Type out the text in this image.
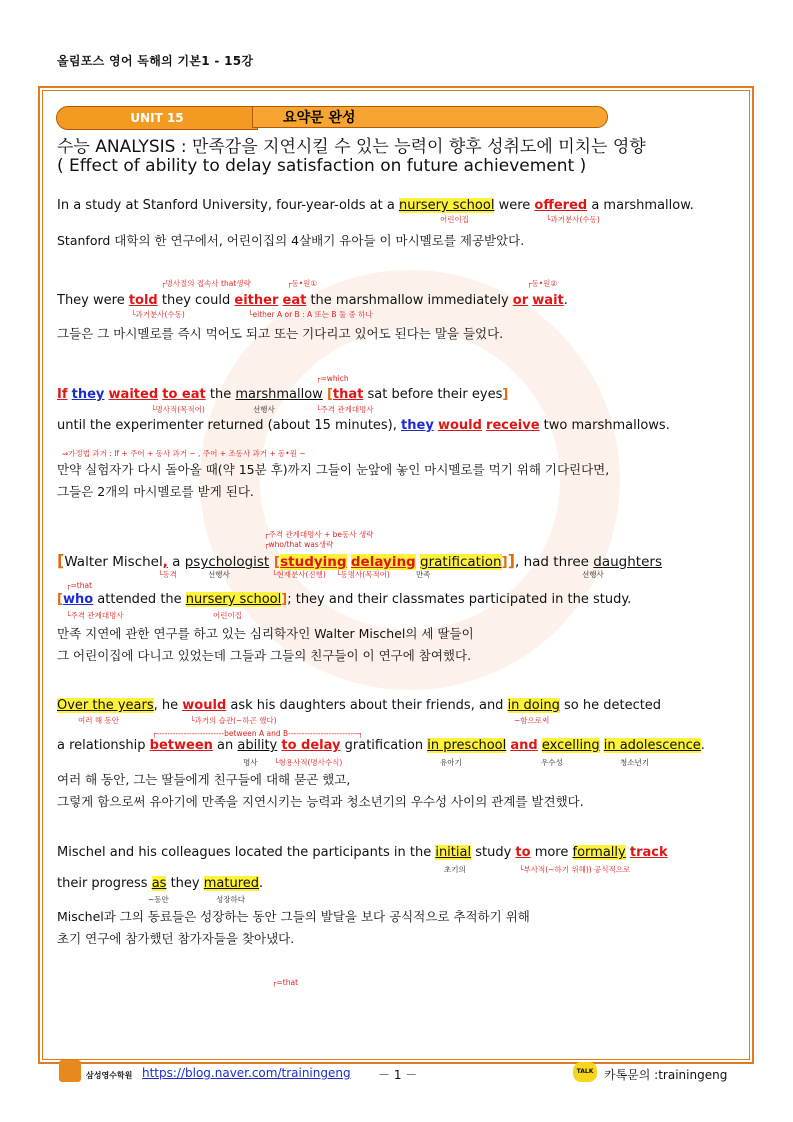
올림포스 영어 독해의 기본1 - 15강
UNIT 15	요약문 완성
수능 ANALYSIS : 만족감을 지연시킬 수 있는 능력이 향후 성취도에 미치는 영향
( Effect of ability to delay satisfaction on future achievement )
In a study at Stanford University, four-year-olds at a nursery school were offered a marshmallow.
어린이집	└과거분사(수동)
Stanford 대학의 한 연구에서, 어린이집의 4살배기 유아들 이 마시멜로를 제공받았다.
┌명사절의 접속사 that생략	┌동•원①	┌동•원②
They were told they could either eat the marshmallow immediately or wait.
└과거분사(수동)	└either A or B : A 또는 B 둘 중 하나
그들은 그 마시멜로를 즉시 먹어도 되고 또는 기다리고 있어도 된다는 말을 들었다.
┌=which
If they waited to eat the marshmallow [that sat before their eyes]
└명사적(목적어)	선행사	└주격 관계대명사
until the experimenter returned (about 15 minutes), they would receive two marshmallows.
⇒가정법 과거 : If + 주어 + 동사 과거 ~ , 주어 + 조동사 과거 + 동•원 ~
만약 실험자가 다시 돌아올 때(약 15분 후)까지 그들이 눈앞에 놓인 마시멜로를 먹기 위해 기다린다면,
그들은 2개의 마시멜로를 받게 된다.
┌주격 관계대명사 + be동사 생략
┌who/that was생략
[Walter Mischel, a psychologist [studying delaying gratification]], had three daughters
└동격	선행사	└현재분사(진행) └동명사(목적어)	만족	선행사
┌=that
[who attended the nursery school]; they and their classmates participated in the study.
└주격 관계대명사	어린이집
만족 지연에 관한 연구를 하고 있는 심리학자인 Walter Mischel의 세 딸들이
그 어린이집에 다니고 있었는데 그들과 그들의 친구들이 이 연구에 참여했다.
Over the years, he would ask his daughters about their friends, and in doing so he detected
여러 해 동안	└과거의 습관(~하곤 했다)	~함으로써
┌-------------------------between A and B--------------------------┐
a relationship between an ability to delay gratification in preschool and excelling in adolescence.
명사 └형용사적(명사수식)	유아기	우수성	청소년기
여러 해 동안, 그는 딸들에게 친구들에 대해 묻곤 했고,
그렇게 함으로써 유아기에 만족을 지연시키는 능력과 청소년기의 우수성 사이의 관계를 발견했다.
Mischel and his colleagues located the participants in the initial study to more formally track
초기의	└부사적(~하기 위해)) 공식적으로
their progress as they matured.
~동안	성장하다
Mischel과 그의 동료들은 성장하는 동안 그들의 발달을 보다 공식적으로 추적하기 위해
초기 연구에 참가했던 참가자들을 찾아냈다.
┌=that
삼성영수학원 https://blog.naver.com/trainingeng － 1 －	TALK 카톡문의 :trainingeng
